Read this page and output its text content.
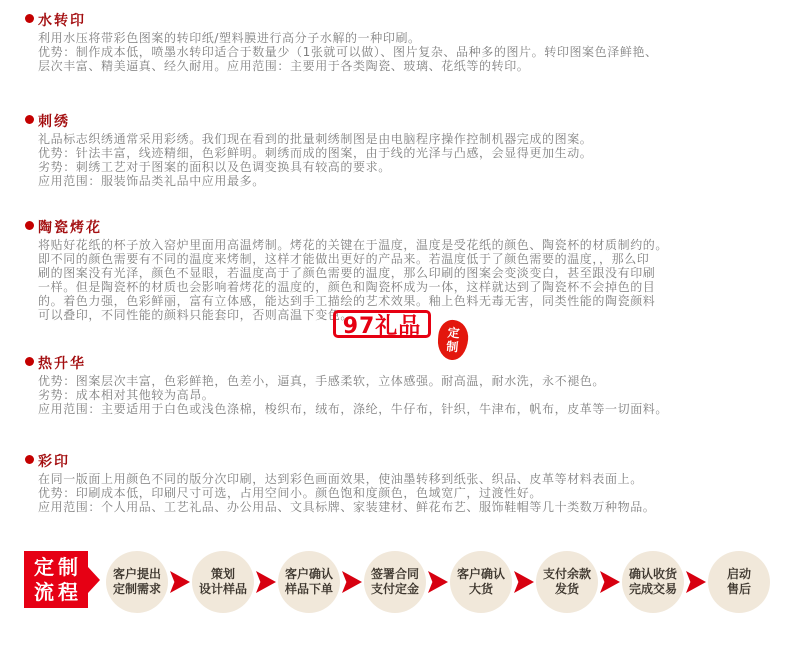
水转印
利用水压将带彩色图案的转印纸/塑料膜进行高分子水解的一种印刷。
优势：制作成本低，喷墨水转印适合于数量少（1张就可以做）、图片复杂、品种多的图片。转印图案色泽鲜艳、
层次丰富、精美逼真、经久耐用。应用范围：主要用于各类陶瓷、玻璃、花纸等的转印。
刺绣
礼品标志织绣通常采用彩绣。我们现在看到的批量刺绣制图是由电脑程序操作控制机器完成的图案。
优势：针法丰富，线迹精细，色彩鲜明。刺绣而成的图案，由于线的光泽与凸感，会显得更加生动。
劣势：刺绣工艺对于图案的面积以及色调变换具有较高的要求。
应用范围：服装饰品类礼品中应用最多。
陶瓷烤花
将贴好花纸的杯子放入窑炉里面用高温烤制。烤花的关键在于温度，温度是受花纸的颜色、陶瓷杯的材质制约的。
即不同的颜色需要有不同的温度来烤制，这样才能做出更好的产品来。若温度低于了颜色需要的温度，，那么印
刷的图案没有光泽，颜色不显眼，若温度高于了颜色需要的温度，那么印刷的图案会变淡变白，甚至跟没有印刷
一样。但是陶瓷杯的材质也会影响着烤花的温度的，颜色和陶瓷杯成为一体，这样就达到了陶瓷杯不会掉色的目
的。着色力强，色彩鲜丽，富有立体感，能达到手工描绘的艺术效果。釉上色料无毒无害，同类性能的陶瓷颜料
可以叠印，不同性能的颜料只能套印，否则高温下变色。
97礼品	定
制
热升华
优势：图案层次丰富，色彩鲜艳，色差小，逼真，手感柔软，立体感强。耐高温，耐水洗，永不褪色。
劣势：成本相对其他较为高昂。
应用范围：主要适用于白色或浅色涤棉，梭织布，绒布，涤纶，牛仔布，针织，牛津布，帆布，皮革等一切面料。
彩印
在同一版面上用颜色不同的版分次印刷，达到彩色画面效果，使油墨转移到纸张、织品、皮革等材料表面上。
优势：印刷成本低，印刷尺寸可选，占用空间小。颜色饱和度颜色，色域宽广，过渡性好。
应用范围：个人用品、工艺礼品、办公用品、文具标牌、家装建材、鲜花布艺、服饰鞋帽等几十类数万种物品。
定制
流程
客户提出
定制需求
策划
设计样品
客户确认
样品下单
签署合同
支付定金
客户确认
大货
支付余款
发货
确认收货
完成交易
启动
售后
